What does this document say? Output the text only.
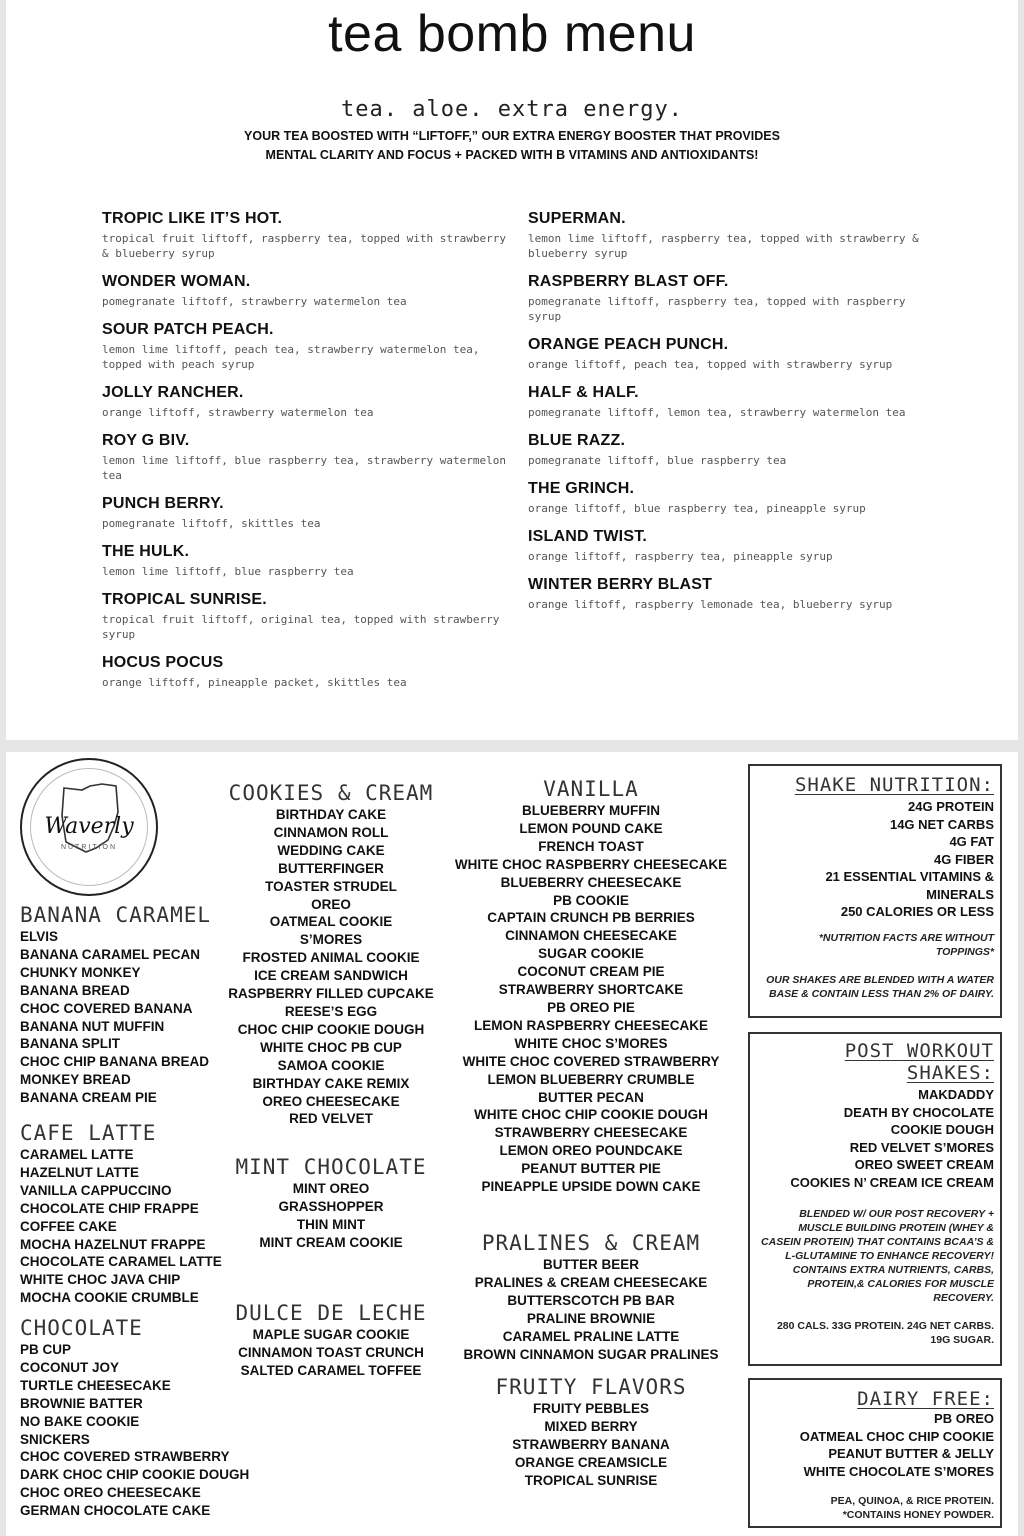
tea bomb menu
tea. aloe. extra energy.
YOUR TEA BOOSTED WITH “LIFTOFF,” OUR EXTRA ENERGY BOOSTER THAT PROVIDES
MENTAL CLARITY AND FOCUS + PACKED WITH B VITAMINS AND ANTIOXIDANTS!
TROPIC LIKE IT’S HOT.
tropical fruit liftoff, raspberry tea, topped with strawberry & blueberry syrup
WONDER WOMAN.
pomegranate liftoff, strawberry watermelon tea
SOUR PATCH PEACH.
lemon lime liftoff, peach tea, strawberry watermelon tea, topped with peach syrup
JOLLY RANCHER.
orange liftoff, strawberry watermelon tea
ROY G BIV.
lemon lime liftoff, blue raspberry tea, strawberry watermelon tea
PUNCH BERRY.
pomegranate liftoff, skittles tea
THE HULK.
lemon lime liftoff, blue raspberry tea
TROPICAL SUNRISE.
tropical fruit liftoff, original tea, topped with strawberry syrup
HOCUS POCUS
orange liftoff, pineapple packet, skittles tea
SUPERMAN.
lemon lime liftoff, raspberry tea, topped with strawberry & blueberry syrup
RASPBERRY BLAST OFF.
pomegranate liftoff, raspberry tea, topped with raspberry syrup
ORANGE PEACH PUNCH.
orange liftoff, peach tea, topped with strawberry syrup
HALF & HALF.
pomegranate liftoff, lemon tea, strawberry watermelon tea
BLUE RAZZ.
pomegranate liftoff, blue raspberry tea
THE GRINCH.
orange liftoff, blue raspberry tea, pineapple syrup
ISLAND TWIST.
orange liftoff, raspberry tea, pineapple syrup
WINTER BERRY BLAST
orange liftoff, raspberry lemonade tea, blueberry syrup
Waverly
NUTRITION
BANANA CARAMEL
ELVIS
BANANA CARAMEL PECAN
CHUNKY MONKEY
BANANA BREAD
CHOC COVERED BANANA
BANANA NUT MUFFIN
BANANA SPLIT
CHOC CHIP BANANA BREAD
MONKEY BREAD
BANANA CREAM PIE
CAFE LATTE
CARAMEL LATTE
HAZELNUT LATTE
VANILLA CAPPUCCINO
CHOCOLATE CHIP FRAPPE
COFFEE CAKE
MOCHA HAZELNUT FRAPPE
CHOCOLATE CARAMEL LATTE
WHITE CHOC JAVA CHIP
MOCHA COOKIE CRUMBLE
CHOCOLATE
PB CUP
COCONUT JOY
TURTLE CHEESECAKE
BROWNIE BATTER
NO BAKE COOKIE
SNICKERS
CHOC COVERED STRAWBERRY
DARK CHOC CHIP COOKIE DOUGH
CHOC OREO CHEESECAKE
GERMAN CHOCOLATE CAKE
COOKIES & CREAM
BIRTHDAY CAKE
CINNAMON ROLL
WEDDING CAKE
BUTTERFINGER
TOASTER STRUDEL
OREO
OATMEAL COOKIE
S’MORES
FROSTED ANIMAL COOKIE
ICE CREAM SANDWICH
RASPBERRY FILLED CUPCAKE
REESE’S EGG
CHOC CHIP COOKIE DOUGH
WHITE CHOC PB CUP
SAMOA COOKIE
BIRTHDAY CAKE REMIX
OREO CHEESECAKE
RED VELVET
MINT CHOCOLATE
MINT OREO
GRASSHOPPER
THIN MINT
MINT CREAM COOKIE
DULCE DE LECHE
MAPLE SUGAR COOKIE
CINNAMON TOAST CRUNCH
SALTED CARAMEL TOFFEE
VANILLA
BLUEBERRY MUFFIN
LEMON POUND CAKE
FRENCH TOAST
WHITE CHOC RASPBERRY CHEESECAKE
BLUEBERRY CHEESECAKE
PB COOKIE
CAPTAIN CRUNCH PB BERRIES
CINNAMON CHEESECAKE
SUGAR COOKIE
COCONUT CREAM PIE
STRAWBERRY SHORTCAKE
PB OREO PIE
LEMON RASPBERRY CHEESECAKE
WHITE CHOC S’MORES
WHITE CHOC COVERED STRAWBERRY
LEMON BLUEBERRY CRUMBLE
BUTTER PECAN
WHITE CHOC CHIP COOKIE DOUGH
STRAWBERRY CHEESECAKE
LEMON OREO POUNDCAKE
PEANUT BUTTER PIE
PINEAPPLE UPSIDE DOWN CAKE
PRALINES & CREAM
BUTTER BEER
PRALINES & CREAM CHEESECAKE
BUTTERSCOTCH PB BAR
PRALINE BROWNIE
CARAMEL PRALINE LATTE
BROWN CINNAMON SUGAR PRALINES
FRUITY FLAVORS
FRUITY PEBBLES
MIXED BERRY
STRAWBERRY BANANA
ORANGE CREAMSICLE
TROPICAL SUNRISE
SHAKE NUTRITION:
24G PROTEIN
14G NET CARBS
4G FAT
4G FIBER
21 ESSENTIAL VITAMINS &
MINERALS
250 CALORIES OR LESS
*NUTRITION FACTS ARE WITHOUT
TOPPINGS*
OUR SHAKES ARE BLENDED WITH A WATER
BASE & CONTAIN LESS THAN 2% OF DAIRY.
POST WORKOUT
SHAKES:
MAKDADDY
DEATH BY CHOCOLATE
COOKIE DOUGH
RED VELVET S’MORES
OREO SWEET CREAM
COOKIES N’ CREAM ICE CREAM
BLENDED W/ OUR POST RECOVERY +
MUSCLE BUILDING PROTEIN (WHEY &
CASEIN PROTEIN) THAT CONTAINS BCAA’S &
L-GLUTAMINE TO ENHANCE RECOVERY!
CONTAINS EXTRA NUTRIENTS, CARBS,
PROTEIN,& CALORIES FOR MUSCLE
RECOVERY.
280 CALS. 33G PROTEIN. 24G NET CARBS.
19G SUGAR.
DAIRY FREE:
PB OREO
OATMEAL CHOC CHIP COOKIE
PEANUT BUTTER & JELLY
WHITE CHOCOLATE S’MORES
PEA, QUINOA, & RICE PROTEIN.
*CONTAINS HONEY POWDER.
